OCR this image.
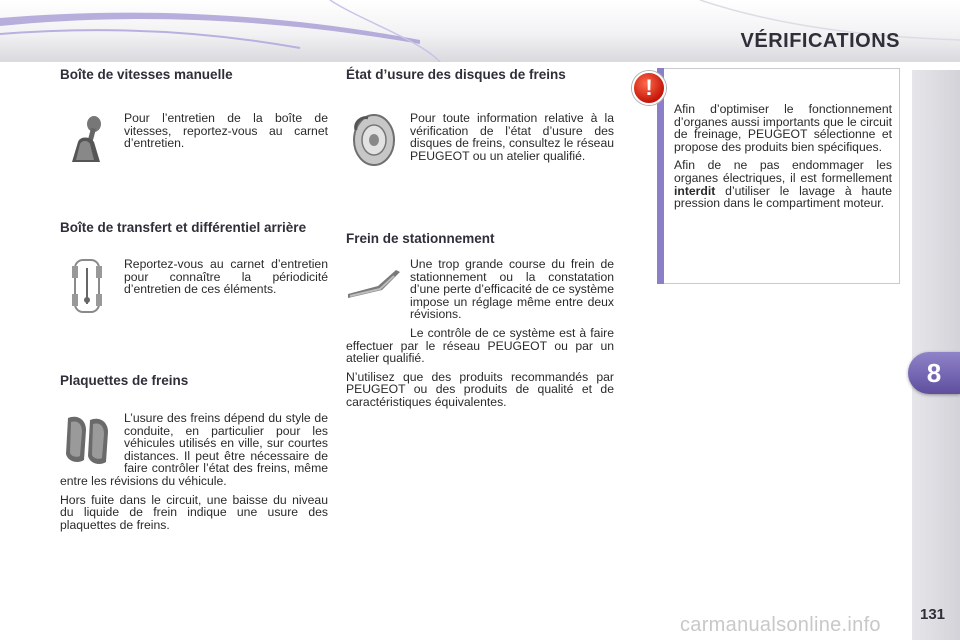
VÉRIFICATIONS
8
Boîte de vitesses manuelle

Pour l’entretien de la boîte de vitesses, reportez-vous au carnet d’entretien.

Boîte de transfert et différentiel arrière

Reportez-vous au carnet d’entretien pour connaître la périodicité d’entretien de ces éléments.

Plaquettes de freins

L’usure des freins dépend du style de conduite, en particulier pour les véhicules utilisés en ville, sur courtes distances. Il peut être nécessaire de faire contrôler l’état des freins, même entre les révisions du véhicule.

Hors fuite dans le circuit, une baisse du niveau du liquide de frein indique une usure des plaquettes de freins.

État d’usure des disques de freins

Pour toute information relative à la vérification de l’état d’usure des disques de freins, consultez le réseau PEUGEOT ou un atelier qualifié.

Frein de stationnement

Une trop grande course du frein de stationnement ou la constatation d’une perte d’efficacité de ce système impose un réglage même entre deux révisions.

Le contrôle de ce système est à faire effectuer par le réseau PEUGEOT ou par un atelier qualifié.

N’utilisez que des produits recommandés par PEUGEOT ou des produits de qualité et de caractéristiques équivalentes.

!

Afin d’optimiser le fonctionnement d’organes aussi importants que le circuit de freinage, PEUGEOT sélectionne et propose des produits bien spécifiques.

Afin de ne pas endommager les organes électriques, il est formellement interdit d’utiliser le lavage à haute pression dans le compartiment moteur.

131
carmanualsonline.info
